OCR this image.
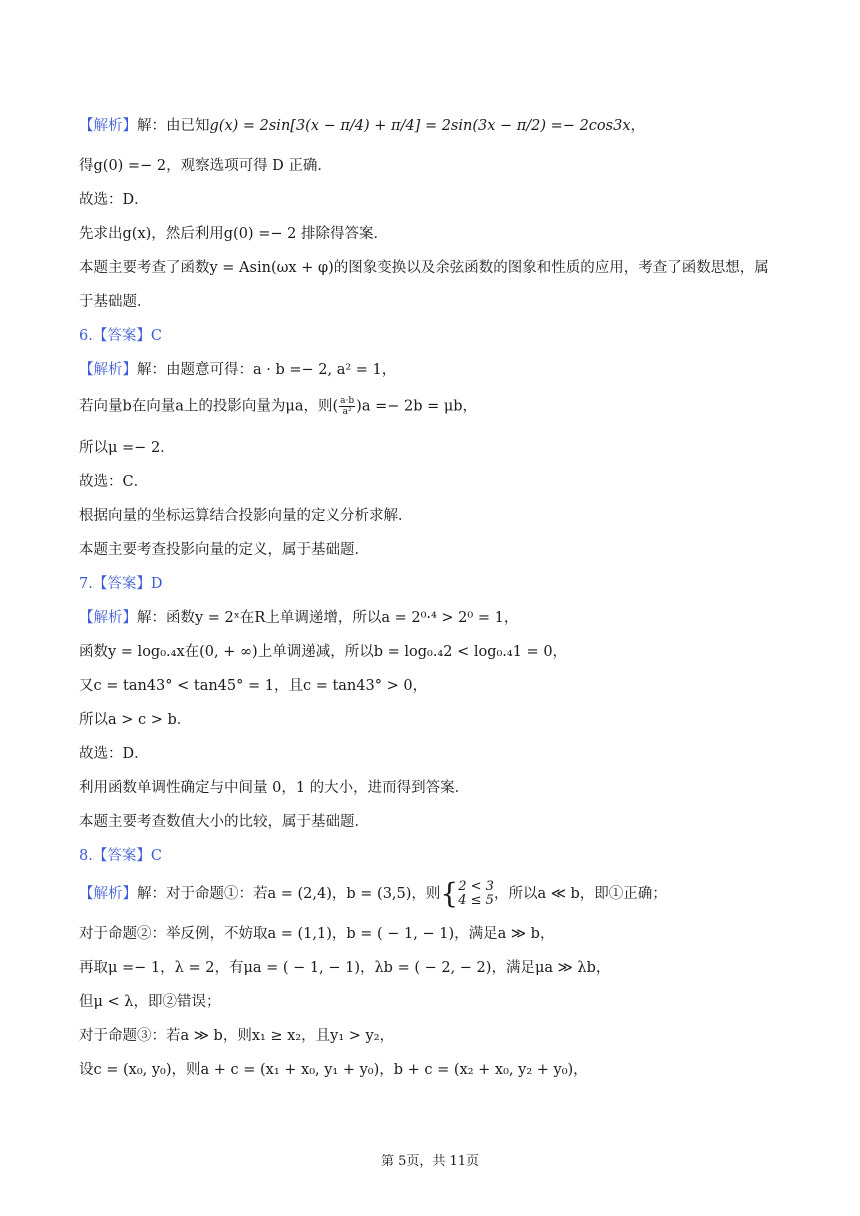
【解析】解：由已知g(x) = 2sin[3(x − π/4) + π/4] = 2sin(3x − π/2) =− 2cos3x，
得g(0) =− 2，观察选项可得 D 正确．
故选：D．
先求出g(x)，然后利用g(0) =− 2 排除得答案．
本题主要考查了函数y = Asin(ωx + φ)的图象变换以及余弦函数的图象和性质的应用，考查了函数思想，属
于基础题．
6.【答案】C
【解析】解：由题意可得：a · b =− 2, a² = 1，
若向量b在向量a上的投影向量为μa，则( $\frac{a\cdot b}{\text{a²}} )a =- 2b = \mu b$，
所以μ =− 2．
故选：C．
根据向量的坐标运算结合投影向量的定义分析求解．
本题主要考查投影向量的定义，属于基础题．
7.【答案】D
【解析】解：函数y = 2ˣ在R上单调递增，所以a = 2⁰·⁴ > 2⁰ = 1，
函数y = log₀.₄x在(0, + ∞)上单调递减，所以b = log₀.₄2 < log₀.₄1 = 0，
又c = tan43° < tan45° = 1，且c = tan43° > 0，
所以a > c > b．
故选：D．
利用函数单调性确定与中间量 0，1 的大小，进而得到答案．
本题主要考查数值大小的比较，属于基础题．
8.【答案】C
【解析】解：对于命题①：若a = (2,4)，b = (3,5)，则{ 2 < 3
4 ≤ 5 ，所以a ≪ b，即①正确；
对于命题②：举反例，不妨取a = (1,1)，b = ( − 1, − 1)，满足a ≫ b，
再取μ =− 1，λ = 2，有μa = ( − 1, − 1)，λb = ( − 2, − 2)，满足μa ≫ λb，
但μ < λ，即②错误；
对于命题③：若a ≫ b，则x₁ ≥ x₂，且y₁ > y₂，
设c = (x₀, y₀)，则a + c = (x₁ + x₀, y₁ + y₀)，b + c = (x₂ + x₀, y₂ + y₀)，
第 5页，共 11页
